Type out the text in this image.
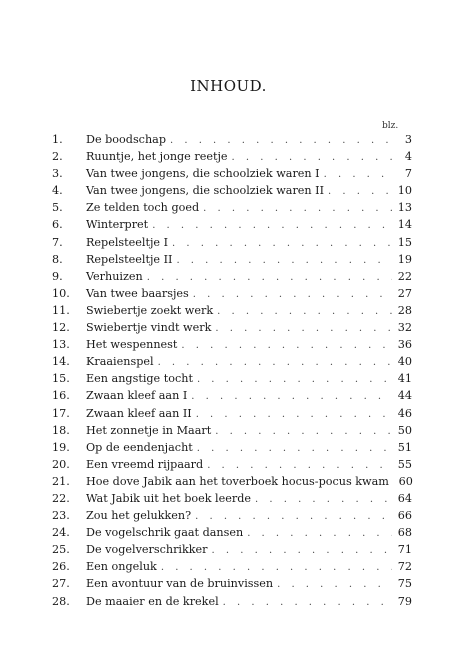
INHOUD.
blz.
1.	De boodschap . . .	3
2.	Ruuntje, het jonge reetje . . .	4
3.	Van twee jongens, die schoolziek waren I . . .	7
4.	Van twee jongens, die schoolziek waren II . . .	10
5.	Ze telden toch goed . . .	13
6.	Winterpret . . .	14
7.	Repelsteeltje I . . .	15
8.	Repelsteeltje II . . .	19
9.	Verhuizen . . .	22
10.	Van twee baarsjes . . .	27
11.	Swiebertje zoekt werk . . .	28
12.	Swiebertje vindt werk . . .	32
13.	Het wespennest . . .	36
14.	Kraaienspel . . .	40
15.	Een angstige tocht . . .	41
16.	Zwaan kleef aan I . . .	44
17.	Zwaan kleef aan II . . .	46
18.	Het zonnetje in Maart . . .	50
19.	Op de eendenjacht . . .	51
20.	Een vreemd rijpaard . . .	55
21.	Hoe dove Jabik aan het toverboek hocus-pocus kwam 60
22.	Wat Jabik uit het boek leerde . . .	64
23.	Zou het gelukken? . . .	66
24.	De vogelschrik gaat dansen . . .	68
25.	De vogelverschrikker . . .	71
26.	Een ongeluk . . .	72
27.	Een avontuur van de bruinvissen . . .	75
28.	De maaier en de krekel . . .	79
